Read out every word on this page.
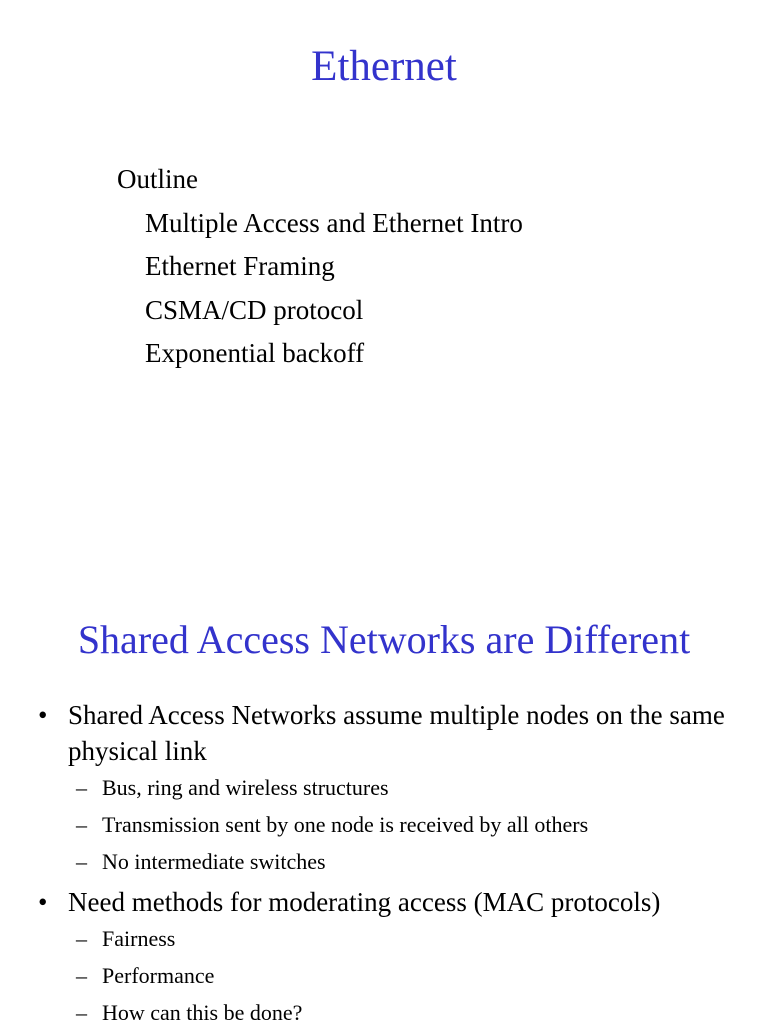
Ethernet
Outline
Multiple Access and Ethernet Intro
Ethernet Framing
CSMA/CD protocol
Exponential backoff
Shared Access Networks are Different
• Shared Access Networks assume multiple nodes on the same physical link
– Bus, ring and wireless structures
– Transmission sent by one node is received by all others
– No intermediate switches
• Need methods for moderating access (MAC protocols)
– Fairness
– Performance
– How can this be done?
